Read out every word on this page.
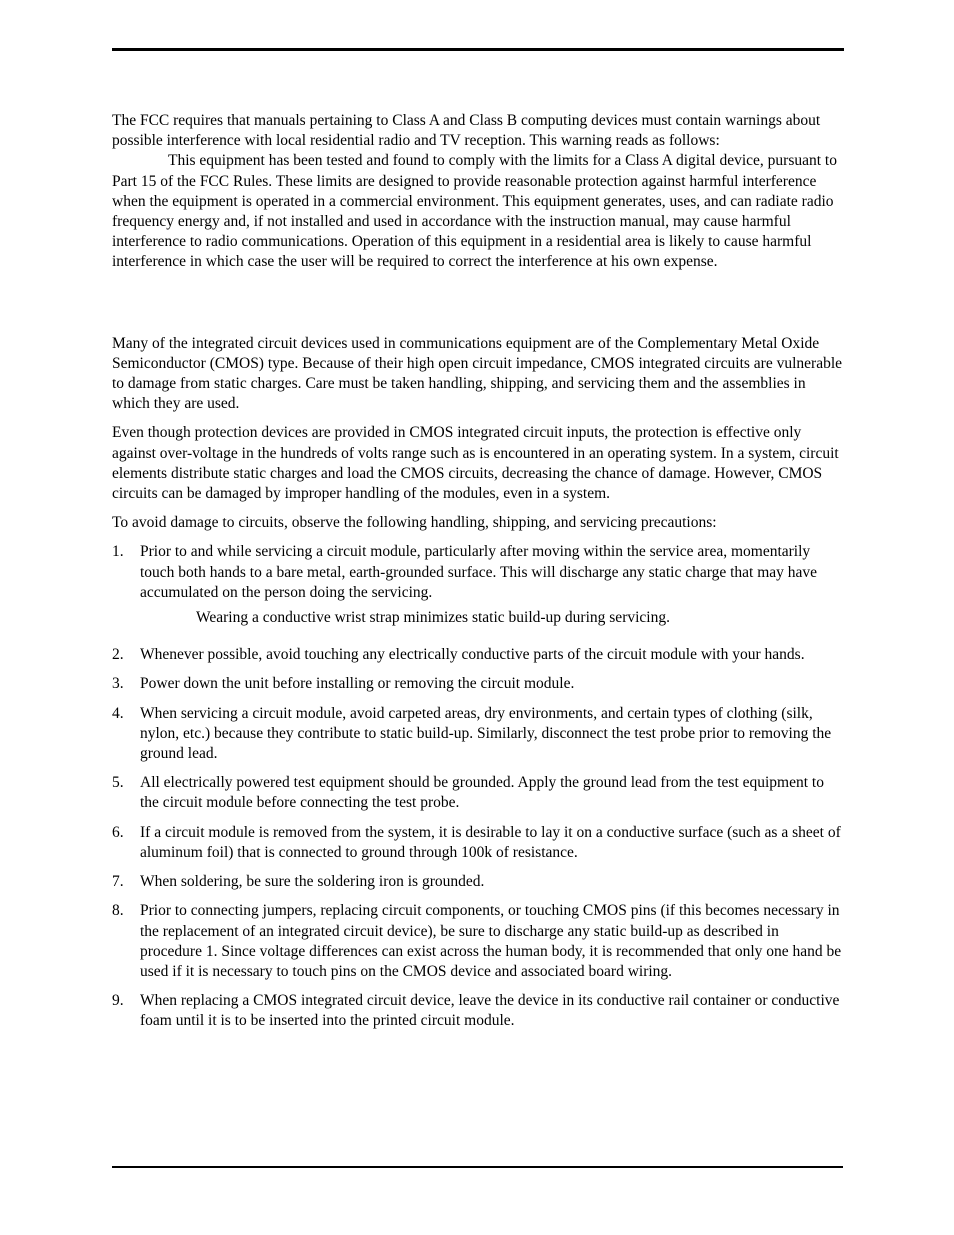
The FCC requires that manuals pertaining to Class A and Class B computing devices must contain warnings about possible interference with local residential radio and TV reception. This warning reads as follows:

This equipment has been tested and found to comply with the limits for a Class A digital device, pursuant to Part 15 of the FCC Rules. These limits are designed to provide reasonable protection against harmful interference when the equipment is operated in a commercial environment. This equipment generates, uses, and can radiate radio frequency energy and, if not installed and used in accordance with the instruction manual, may cause harmful interference to radio communications. Operation of this equipment in a residential area is likely to cause harmful interference in which case the user will be required to correct the interference at his own expense.

Many of the integrated circuit devices used in communications equipment are of the Complementary Metal Oxide Semiconductor (CMOS) type. Because of their high open circuit impedance, CMOS integrated circuits are vulnerable to damage from static charges. Care must be taken handling, shipping, and servicing them and the assemblies in which they are used.

Even though protection devices are provided in CMOS integrated circuit inputs, the protection is effective only against over-voltage in the hundreds of volts range such as is encountered in an operating system. In a system, circuit elements distribute static charges and load the CMOS circuits, decreasing the chance of damage. However, CMOS circuits can be damaged by improper handling of the modules, even in a system.

To avoid damage to circuits, observe the following handling, shipping, and servicing precautions:

1. Prior to and while servicing a circuit module, particularly after moving within the service area, momentarily touch both hands to a bare metal, earth-grounded surface. This will discharge any static charge that may have accumulated on the person doing the servicing.
Wearing a conductive wrist strap minimizes static build-up during servicing.
2. Whenever possible, avoid touching any electrically conductive parts of the circuit module with your hands.
3. Power down the unit before installing or removing the circuit module.
4. When servicing a circuit module, avoid carpeted areas, dry environments, and certain types of clothing (silk, nylon, etc.) because they contribute to static build-up. Similarly, disconnect the test probe prior to removing the ground lead.
5. All electrically powered test equipment should be grounded. Apply the ground lead from the test equipment to the circuit module before connecting the test probe.
6. If a circuit module is removed from the system, it is desirable to lay it on a conductive surface (such as a sheet of aluminum foil) that is connected to ground through 100k of resistance.
7. When soldering, be sure the soldering iron is grounded.
8. Prior to connecting jumpers, replacing circuit components, or touching CMOS pins (if this becomes necessary in the replacement of an integrated circuit device), be sure to discharge any static build-up as described in procedure 1. Since voltage differences can exist across the human body, it is recommended that only one hand be used if it is necessary to touch pins on the CMOS device and associated board wiring.
9. When replacing a CMOS integrated circuit device, leave the device in its conductive rail container or conductive foam until it is to be inserted into the printed circuit module.
